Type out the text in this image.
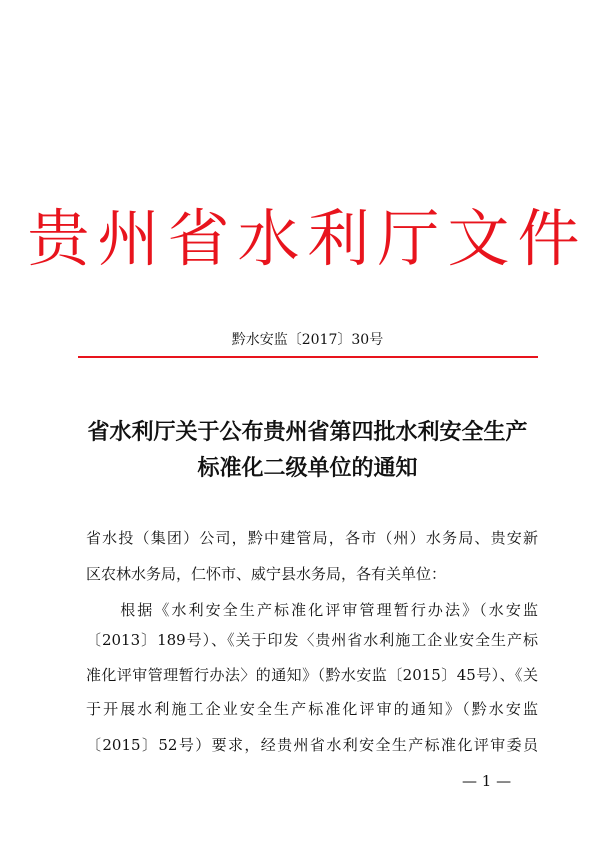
贵州省水利厅文件
黔水安监〔2017〕30号
省水利厅关于公布贵州省第四批水利安全生产
标准化二级单位的通知
省水投（集团）公司，黔中建管局，各市（州）水务局、贵安新
区农林水务局，仁怀市、威宁县水务局，各有关单位：
　　根据《水利安全生产标准化评审管理暂行办法》（水安监
〔2013〕189号）、《关于印发〈贵州省水利施工企业安全生产标
准化评审管理暂行办法〉的通知》（黔水安监〔2015〕45号）、《关
于开展水利施工企业安全生产标准化评审的通知》（黔水安监
〔2015〕52号）要求，经贵州省水利安全生产标准化评审委员
— 1 —
